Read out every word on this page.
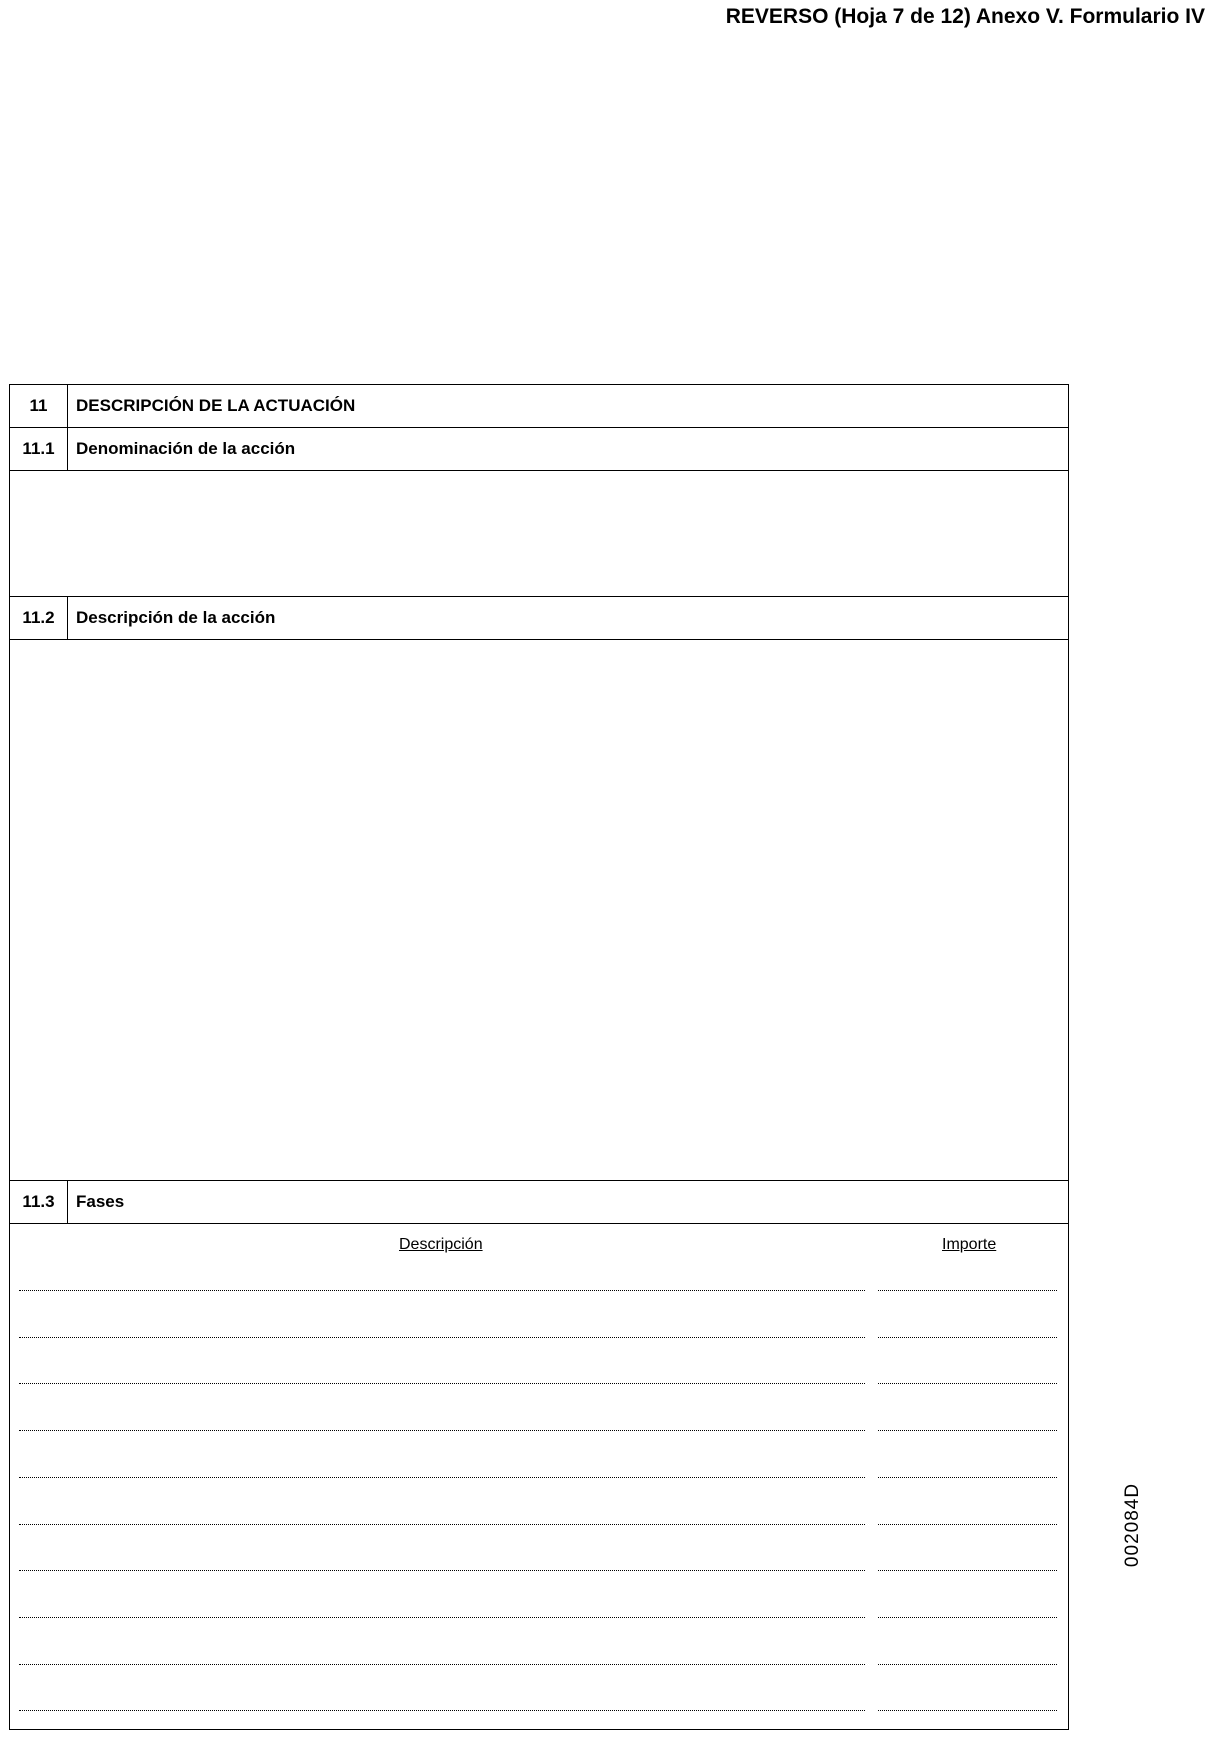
REVERSO (Hoja 7 de 12) Anexo V. Formulario IV
11	DESCRIPCIÓN DE LA ACTUACIÓN
11.1	Denominación de la acción
11.2	Descripción de la acción
11.3	Fases
Descripción	Importe
002084D
